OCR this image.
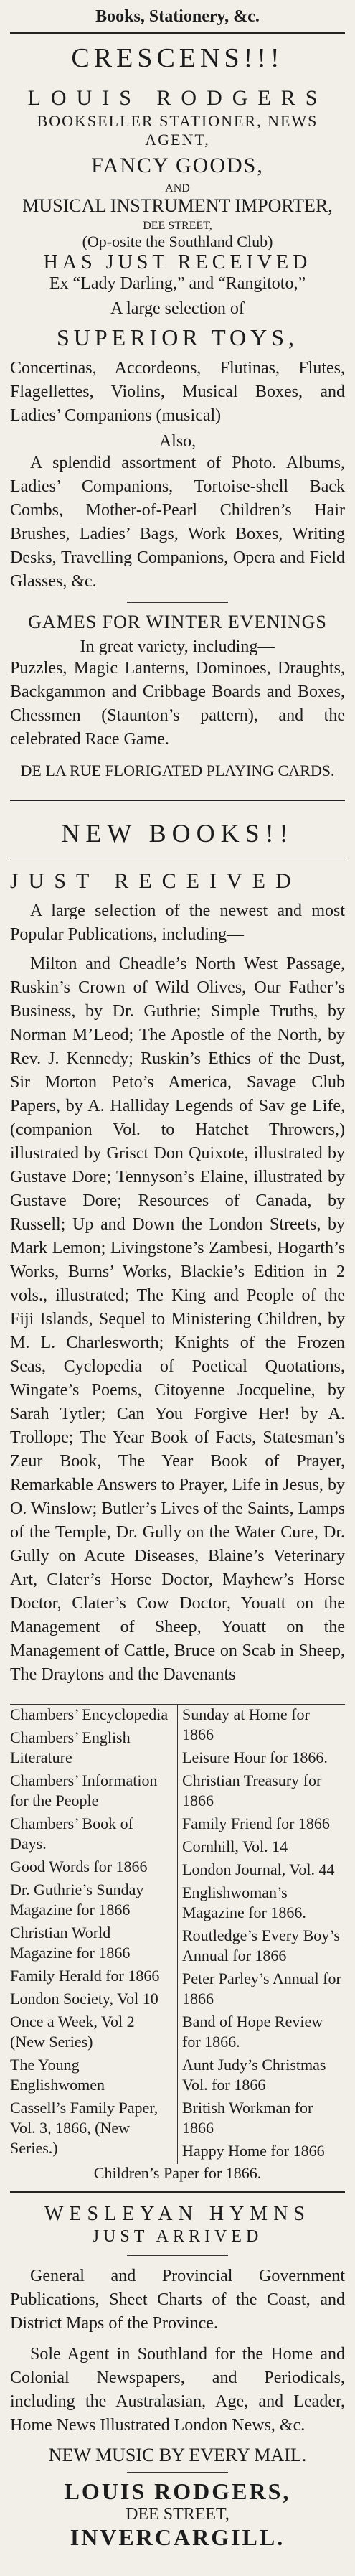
Books, Stationery, &c.
CRESCENS!!!
LOUIS RODGERS
BOOKSELLER STATIONER, NEWS AGENT,
FANCY GOODS,
AND
MUSICAL INSTRUMENT IMPORTER,
DEE STREET,
(Op-osite the Southland Club)
HAS JUST RECEIVED
Ex “Lady Darling,” and “Rangitoto,”
A large selection of
SUPERIOR TOYS,
Concertinas, Accordeons, Flutinas, Flutes, Flagellettes, Violins, Musical Boxes, and Ladies’ Companions (musical)
Also,
A splendid assortment of Photo. Albums, Ladies’ Companions, Tortoise-shell Back Combs, Mother-of-Pearl Children’s Hair Brushes, Ladies’ Bags, Work Boxes, Writing Desks, Travelling Companions, Opera and Field Glasses, &c.
GAMES FOR WINTER EVENINGS
In great variety, including—
Puzzles, Magic Lanterns, Dominoes, Draughts, Backgammon and Cribbage Boards and Boxes, Chessmen (Staunton’s pattern), and the celebrated Race Game.
DE LA RUE FLORIGATED PLAYING CARDS.
NEW BOOKS!!
JUST RECEIVED
A large selection of the newest and most Popular Publications, including—
Milton and Cheadle’s North West Passage, Ruskin’s Crown of Wild Olives, Our Father’s Business, by Dr. Guthrie; Simple Truths, by Norman M’Leod; The Apostle of the North, by Rev. J. Kennedy; Ruskin’s Ethics of the Dust, Sir Morton Peto’s America, Savage Club Papers, by A. Halliday Legends of Sav ge Life, (companion Vol. to Hatchet Throwers,) illustrated by Grisct Don Quixote, illustrated by Gustave Dore; Tennyson’s Elaine, illustrated by Gustave Dore; Resources of Canada, by Russell; Up and Down the London Streets, by Mark Lemon; Livingstone’s Zambesi, Hogarth’s Works, Burns’ Works, Blackie’s Edition in 2 vols., illustrated; The King and People of the Fiji Islands, Sequel to Ministering Children, by M. L. Charlesworth; Knights of the Frozen Seas, Cyclopedia of Poetical Quotations, Wingate’s Poems, Citoyenne Jocqueline, by Sarah Tytler; Can You Forgive Her! by A. Trollope; The Year Book of Facts, Statesman’s Zeur Book, The Year Book of Prayer, Remarkable Answers to Prayer, Life in Jesus, by O. Winslow; Butler’s Lives of the Saints, Lamps of the Temple, Dr. Gully on the Water Cure, Dr. Gully on Acute Diseases, Blaine’s Veterinary Art, Clater’s Horse Doctor, Mayhew’s Horse Doctor, Clater’s Cow Doctor, Youatt on the Management of Sheep, Youatt on the Management of Cattle, Bruce on Scab in Sheep, The Draytons and the Davenants
Chambers’ Encyclopedia
Chambers’ English Literature
Chambers’ Information for the People
Chambers’ Book of Days.
Good Words for 1866
Dr. Guthrie’s Sunday Magazine for 1866
Christian World Magazine for 1866
Family Herald for 1866
London Society, Vol 10
Once a Week, Vol 2 (New Series)
The Young Englishwomen
Cassell’s Family Paper, Vol. 3, 1866, (New Series.)
Sunday at Home for 1866
Leisure Hour for 1866.
Christian Treasury for 1866
Family Friend for 1866
Cornhill, Vol. 14
London Journal, Vol. 44
Englishwoman’s Magazine for 1866.
Routledge’s Every Boy’s Annual for 1866
Peter Parley’s Annual for 1866
Band of Hope Review for 1866.
Aunt Judy’s Christmas Vol. for 1866
British Workman for 1866
Happy Home for 1866
Children’s Paper for 1866.
WESLEYAN HYMNS
JUST ARRIVED
General and Provincial Government Publications, Sheet Charts of the Coast, and District Maps of the Province.
Sole Agent in Southland for the Home and Colonial Newspapers, and Periodicals, including the Australasian, Age, and Leader, Home News Illustrated London News, &c.
NEW MUSIC BY EVERY MAIL.
LOUIS RODGERS,
DEE STREET,
INVERCARGILL.
